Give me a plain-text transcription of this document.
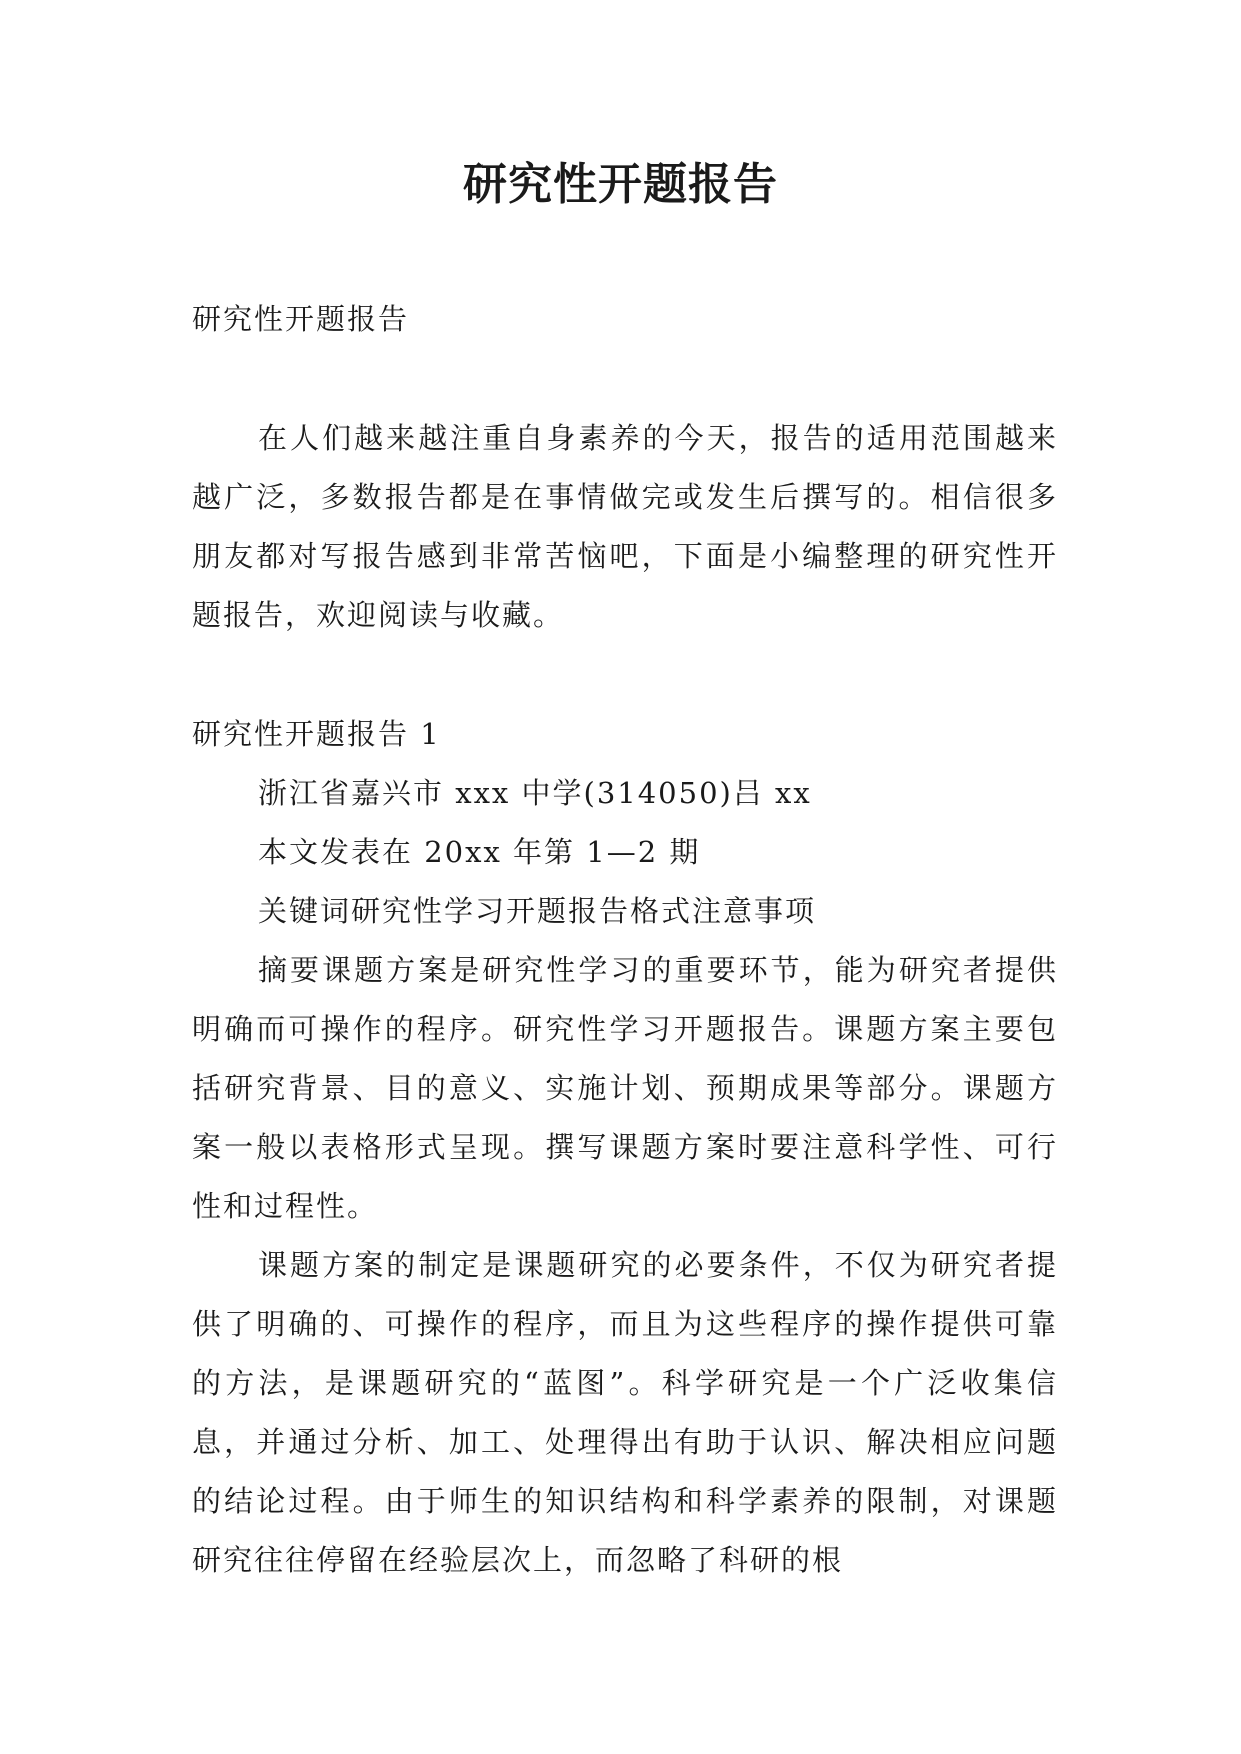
研究性开题报告

研究性开题报告

在人们越来越注重自身素养的今天，报告的适用范围越来越广泛，多数报告都是在事情做完或发生后撰写的。相信很多朋友都对写报告感到非常苦恼吧，下面是小编整理的研究性开题报告，欢迎阅读与收藏。

研究性开题报告 1

浙江省嘉兴市 xxx 中学(314050)吕 xx

本文发表在 20xx 年第 1—2 期

关键词研究性学习开题报告格式注意事项

摘要课题方案是研究性学习的重要环节，能为研究者提供明确而可操作的程序。研究性学习开题报告。课题方案主要包括研究背景、目的意义、实施计划、预期成果等部分。课题方案一般以表格形式呈现。撰写课题方案时要注意科学性、可行性和过程性。

课题方案的制定是课题研究的必要条件，不仅为研究者提供了明确的、可操作的程序，而且为这些程序的操作提供可靠的方法，是课题研究的“蓝图”。科学研究是一个广泛收集信息，并通过分析、加工、处理得出有助于认识、解决相应问题的结论过程。由于师生的知识结构和科学素养的限制，对课题研究往往停留在经验层次上，而忽略了科研的根
